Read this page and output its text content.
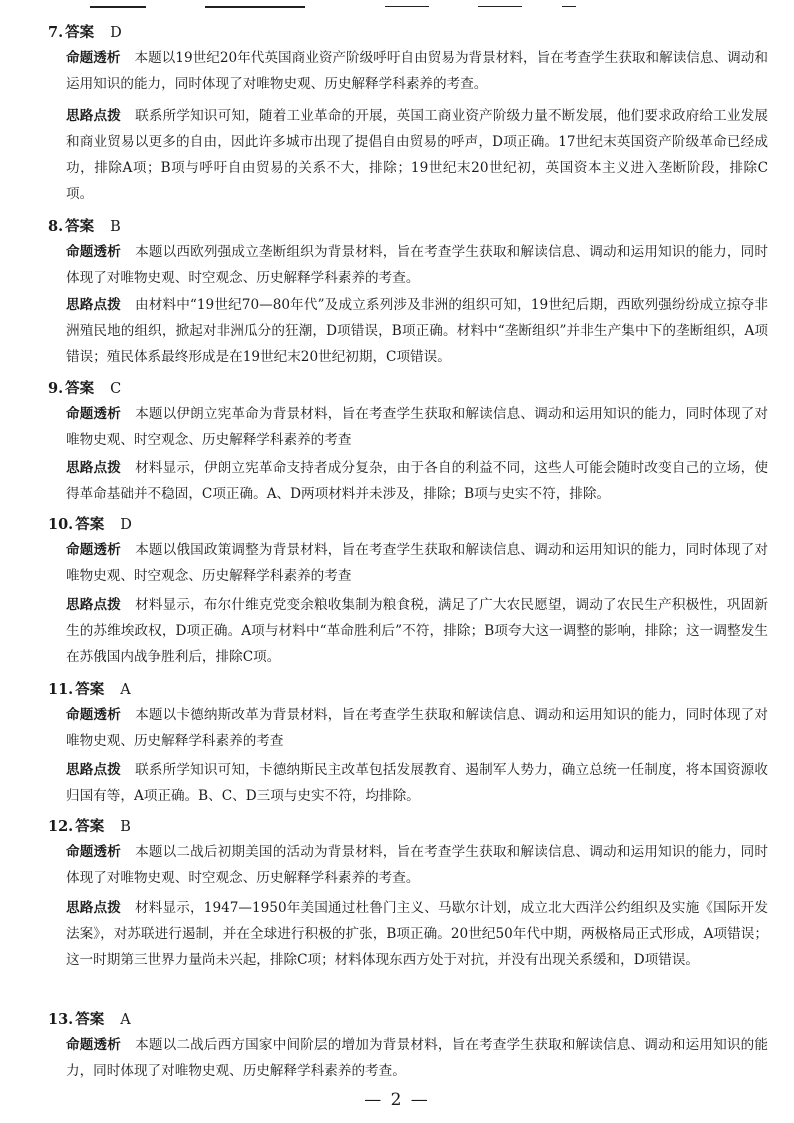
7. 答案 D
命题透析 本题以19世纪20年代英国商业资产阶级呼吁自由贸易为背景材料，旨在考查学生获取和解读信息、调动和运用知识的能力，同时体现了对唯物史观、历史解释学科素养的考查。
思路点拨 联系所学知识可知，随着工业革命的开展，英国工商业资产阶级力量不断发展，他们要求政府给工业发展和商业贸易以更多的自由，因此许多城市出现了提倡自由贸易的呼声，D项正确。17世纪末英国资产阶级革命已经成功，排除A项；B项与呼吁自由贸易的关系不大，排除；19世纪末20世纪初，英国资本主义进入垄断阶段，排除C项。
8. 答案 B
命题透析 本题以西欧列强成立垄断组织为背景材料，旨在考查学生获取和解读信息、调动和运用知识的能力，同时体现了对唯物史观、时空观念、历史解释学科素养的考查。
思路点拨 由材料中“19世纪70—80年代”及成立系列涉及非洲的组织可知，19世纪后期，西欧列强纷纷成立掠夺非洲殖民地的组织，掀起对非洲瓜分的狂潮，D项错误，B项正确。材料中“垄断组织”并非生产集中下的垄断组织，A项错误；殖民体系最终形成是在19世纪末20世纪初期，C项错误。
9. 答案 C
命题透析 本题以伊朗立宪革命为背景材料，旨在考查学生获取和解读信息、调动和运用知识的能力，同时体现了对唯物史观、时空观念、历史解释学科素养的考查
思路点拨 材料显示，伊朗立宪革命支持者成分复杂，由于各自的利益不同，这些人可能会随时改变自己的立场，使得革命基础并不稳固，C项正确。A、D两项材料并未涉及，排除；B项与史实不符，排除。
10. 答案 D
命题透析 本题以俄国政策调整为背景材料，旨在考查学生获取和解读信息、调动和运用知识的能力，同时体现了对唯物史观、时空观念、历史解释学科素养的考查
思路点拨 材料显示，布尔什维克党变余粮收集制为粮食税，满足了广大农民愿望，调动了农民生产积极性，巩固新生的苏维埃政权，D项正确。A项与材料中“革命胜利后”不符，排除；B项夸大这一调整的影响，排除；这一调整发生在苏俄国内战争胜利后，排除C项。
11. 答案 A
命题透析 本题以卡德纳斯改革为背景材料，旨在考查学生获取和解读信息、调动和运用知识的能力，同时体现了对唯物史观、历史解释学科素养的考查
思路点拨 联系所学知识可知，卡德纳斯民主改革包括发展教育、遏制军人势力，确立总统一任制度，将本国资源收归国有等，A项正确。B、C、D三项与史实不符，均排除。
12. 答案 B
命题透析 本题以二战后初期美国的活动为背景材料，旨在考查学生获取和解读信息、调动和运用知识的能力，同时体现了对唯物史观、时空观念、历史解释学科素养的考查。
思路点拨 材料显示，1947—1950年美国通过杜鲁门主义、马歇尔计划，成立北大西洋公约组织及实施《国际开发法案》，对苏联进行遏制，并在全球进行积极的扩张，B项正确。20世纪50年代中期，两极格局正式形成，A项错误；这一时期第三世界力量尚未兴起，排除C项；材料体现东西方处于对抗，并没有出现关系缓和，D项错误。
13. 答案 A
命题透析 本题以二战后西方国家中间阶层的增加为背景材料，旨在考查学生获取和解读信息、调动和运用知识的能力，同时体现了对唯物史观、历史解释学科素养的考查。
— 2 —
